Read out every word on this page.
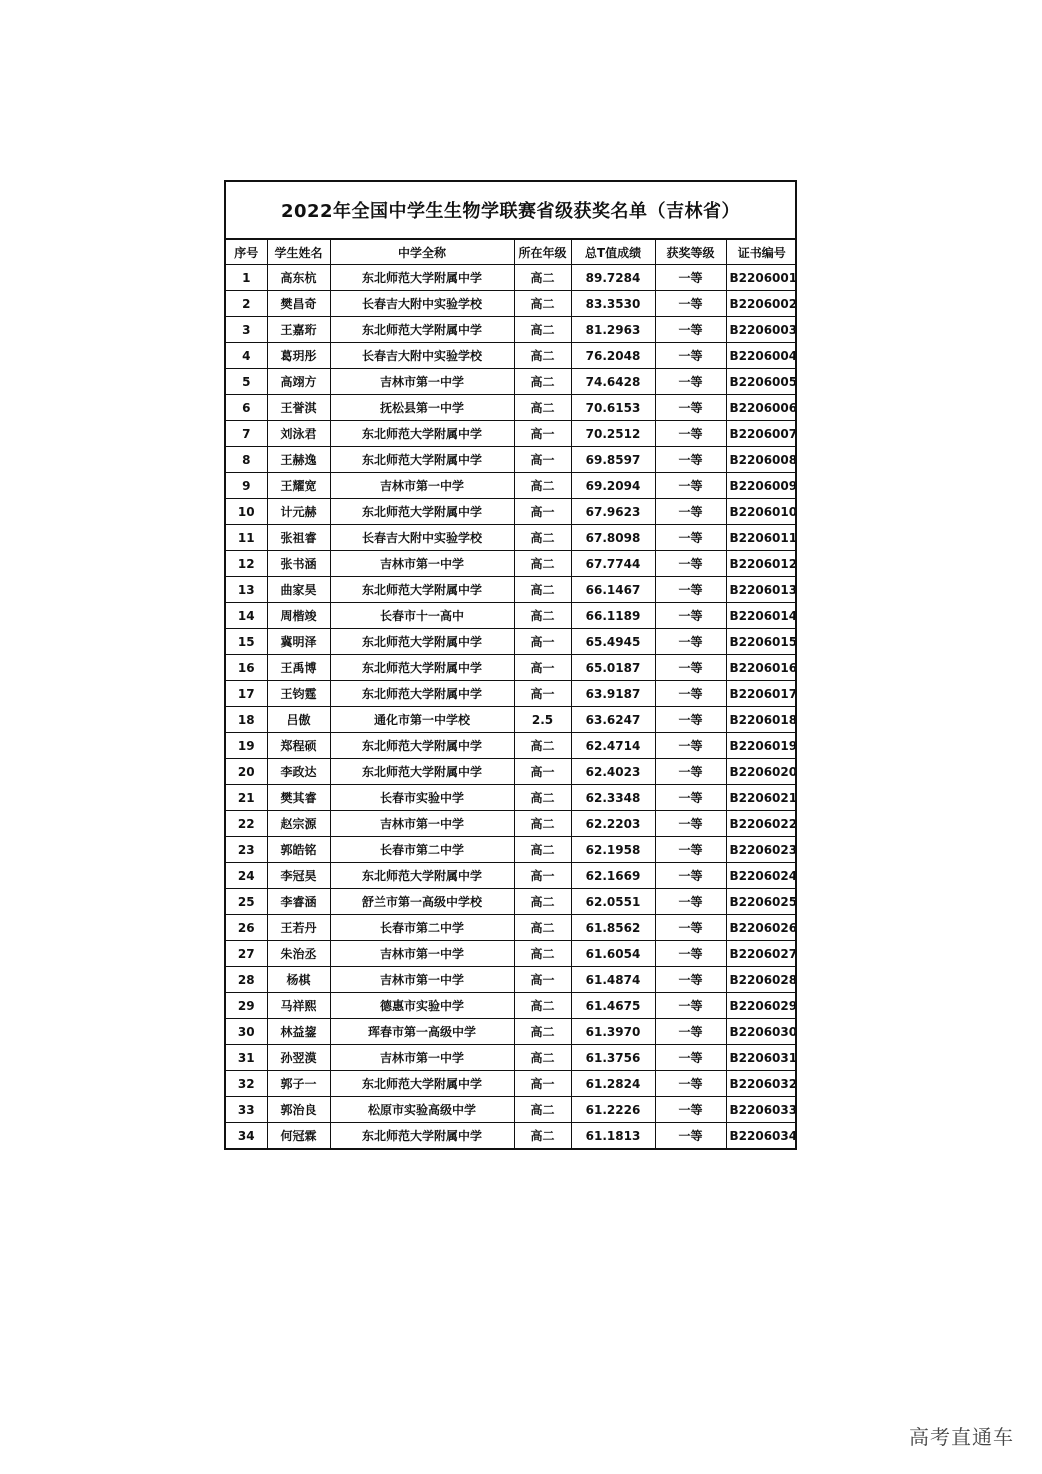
2022年全国中学生生物学联赛省级获奖名单（吉林省）
序号	学生姓名	中学全称	所在年级	总T值成绩	获奖等级	证书编号
1	高东杭	东北师范大学附属中学	高二	89.7284	一等	B2206001
2	樊昌奇	长春吉大附中实验学校	高二	83.3530	一等	B2206002
3	王嘉珩	东北师范大学附属中学	高二	81.2963	一等	B2206003
4	葛玥彤	长春吉大附中实验学校	高二	76.2048	一等	B2206004
5	高翊方	吉林市第一中学	高二	74.6428	一等	B2206005
6	王誉淇	抚松县第一中学	高二	70.6153	一等	B2206006
7	刘泳君	东北师范大学附属中学	高一	70.2512	一等	B2206007
8	王赫逸	东北师范大学附属中学	高一	69.8597	一等	B2206008
9	王耀宽	吉林市第一中学	高二	69.2094	一等	B2206009
10	计元赫	东北师范大学附属中学	高一	67.9623	一等	B2206010
11	张祖睿	长春吉大附中实验学校	高二	67.8098	一等	B2206011
12	张书涵	吉林市第一中学	高二	67.7744	一等	B2206012
13	曲家昊	东北师范大学附属中学	高二	66.1467	一等	B2206013
14	周楷竣	长春市十一高中	高二	66.1189	一等	B2206014
15	冀明泽	东北师范大学附属中学	高一	65.4945	一等	B2206015
16	王禹博	东北师范大学附属中学	高一	65.0187	一等	B2206016
17	王钧霆	东北师范大学附属中学	高一	63.9187	一等	B2206017
18	吕傲	通化市第一中学校	2.5	63.6247	一等	B2206018
19	郑程硕	东北师范大学附属中学	高二	62.4714	一等	B2206019
20	李政达	东北师范大学附属中学	高一	62.4023	一等	B2206020
21	樊其睿	长春市实验中学	高二	62.3348	一等	B2206021
22	赵宗源	吉林市第一中学	高二	62.2203	一等	B2206022
23	郭皓铭	长春市第二中学	高二	62.1958	一等	B2206023
24	李冠昊	东北师范大学附属中学	高一	62.1669	一等	B2206024
25	李睿涵	舒兰市第一高级中学校	高二	62.0551	一等	B2206025
26	王若丹	长春市第二中学	高二	61.8562	一等	B2206026
27	朱治丞	吉林市第一中学	高二	61.6054	一等	B2206027
28	杨棋	吉林市第一中学	高一	61.4874	一等	B2206028
29	马祥熙	德惠市实验中学	高二	61.4675	一等	B2206029
30	林益鋆	珲春市第一高级中学	高二	61.3970	一等	B2206030
31	孙翌漠	吉林市第一中学	高二	61.3756	一等	B2206031
32	郭子一	东北师范大学附属中学	高一	61.2824	一等	B2206032
33	郭治良	松原市实验高级中学	高二	61.2226	一等	B2206033
34	何冠霖	东北师范大学附属中学	高二	61.1813	一等	B2206034
高考直通车
